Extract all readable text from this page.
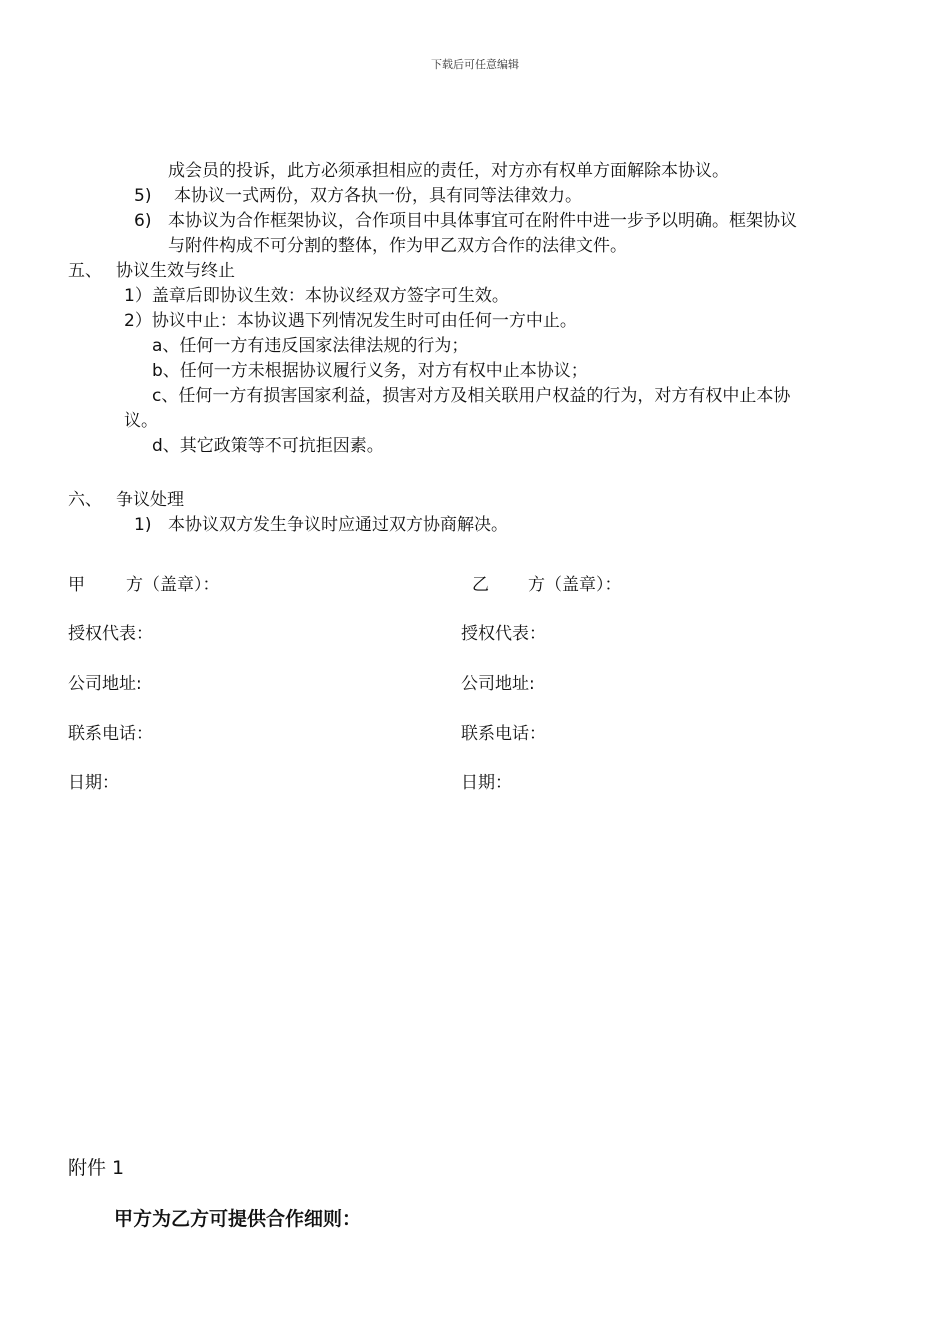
下载后可任意编辑
成会员的投诉，此方必须承担相应的责任，对方亦有权单方面解除本协议。
5) 本协议一式两份，双方各执一份，具有同等法律效力。
6) 本协议为合作框架协议，合作项目中具体事宜可在附件中进一步予以明确。框架协议
与附件构成不可分割的整体，作为甲乙双方合作的法律文件。
五、 协议生效与终止
1）盖章后即协议生效：本协议经双方签字可生效。
2）协议中止：本协议遇下列情况发生时可由任何一方中止。
a、任何一方有违反国家法律法规的行为；
b、任何一方未根据协议履行义务，对方有权中止本协议；
c、任何一方有损害国家利益，损害对方及相关联用户权益的行为，对方有权中止本协
议。
d、其它政策等不可抗拒因素。
六、 争议处理
1) 本协议双方发生争议时应通过双方协商解决。
甲 方（盖章）：	乙 方（盖章）：
授权代表：	授权代表：
公司地址:	公司地址:
联系电话：	联系电话：
日期：	日期：
附件 1
甲方为乙方可提供合作细则：
